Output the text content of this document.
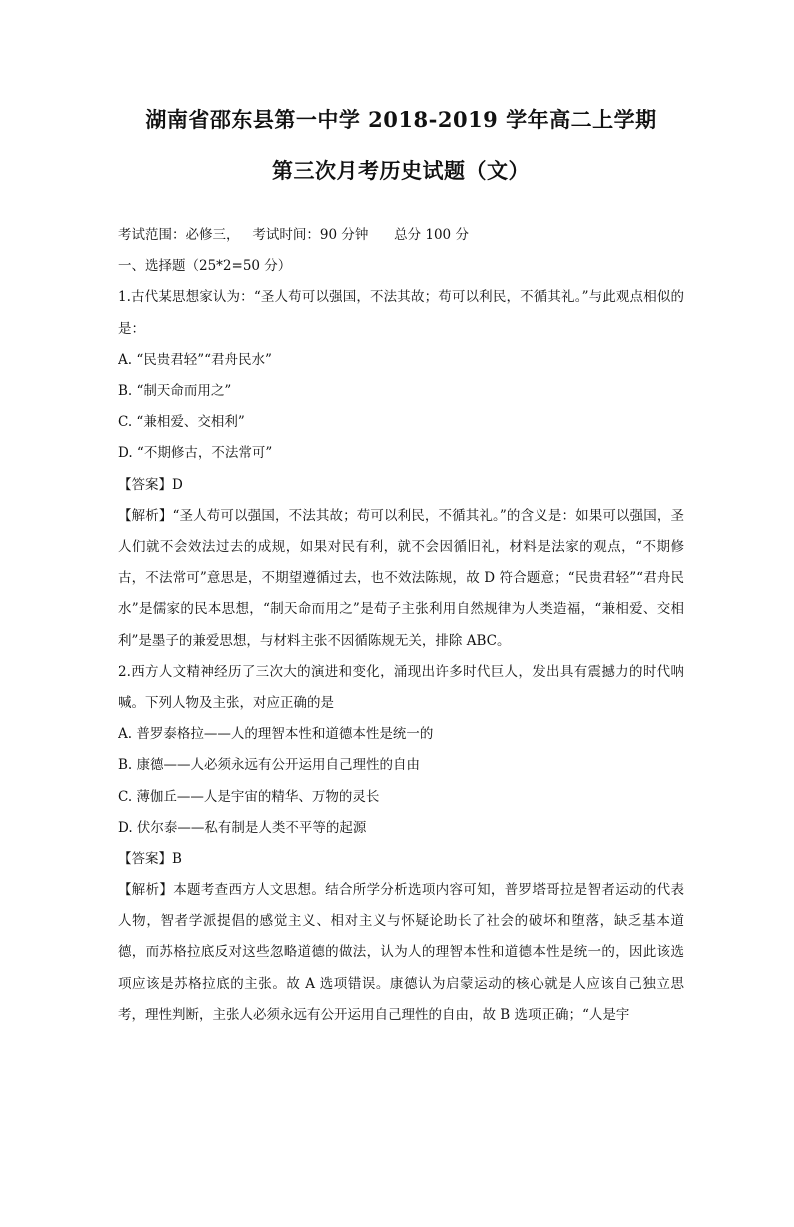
湖南省邵东县第一中学 2018-2019 学年高二上学期
第三次月考历史试题（文）
考试范围：必修三，   考试时间：90 分钟      总分 100 分
一、选择题（25*2=50 分）
1.古代某思想家认为：“圣人苟可以强国，不法其故；苟可以利民，不循其礼。”与此观点相似的是：
A. “民贵君轻”“君舟民水”
B. “制天命而用之”
C. “兼相爱、交相利”
D. “不期修古，不法常可”
【答案】D
【解析】“圣人苟可以强国，不法其故；苟可以利民，不循其礼。”的含义是：如果可以强国，圣人们就不会效法过去的成规，如果对民有利，就不会因循旧礼，材料是法家的观点，“不期修古，不法常可”意思是，不期望遵循过去，也不效法陈规，故 D 符合题意；“民贵君轻”“君舟民水”是儒家的民本思想，“制天命而用之”是荀子主张利用自然规律为人类造福，“兼相爱、交相利”是墨子的兼爱思想，与材料主张不因循陈规无关，排除 ABC。
2.西方人文精神经历了三次大的演进和变化，涌现出许多时代巨人，发出具有震撼力的时代呐喊。下列人物及主张，对应正确的是
A. 普罗泰格拉——人的理智本性和道德本性是统一的
B. 康德——人必须永远有公开运用自己理性的自由
C. 薄伽丘——人是宇宙的精华、万物的灵长
D. 伏尔泰——私有制是人类不平等的起源
【答案】B
【解析】本题考查西方人文思想。结合所学分析选项内容可知，普罗塔哥拉是智者运动的代表人物，智者学派提倡的感觉主义、相对主义与怀疑论助长了社会的破坏和堕落，缺乏基本道德，而苏格拉底反对这些忽略道德的做法，认为人的理智本性和道德本性是统一的，因此该选项应该是苏格拉底的主张。故 A 选项错误。康德认为启蒙运动的核心就是人应该自己独立思考，理性判断，主张人必须永远有公开运用自己理性的自由，故 B 选项正确；“人是宇
